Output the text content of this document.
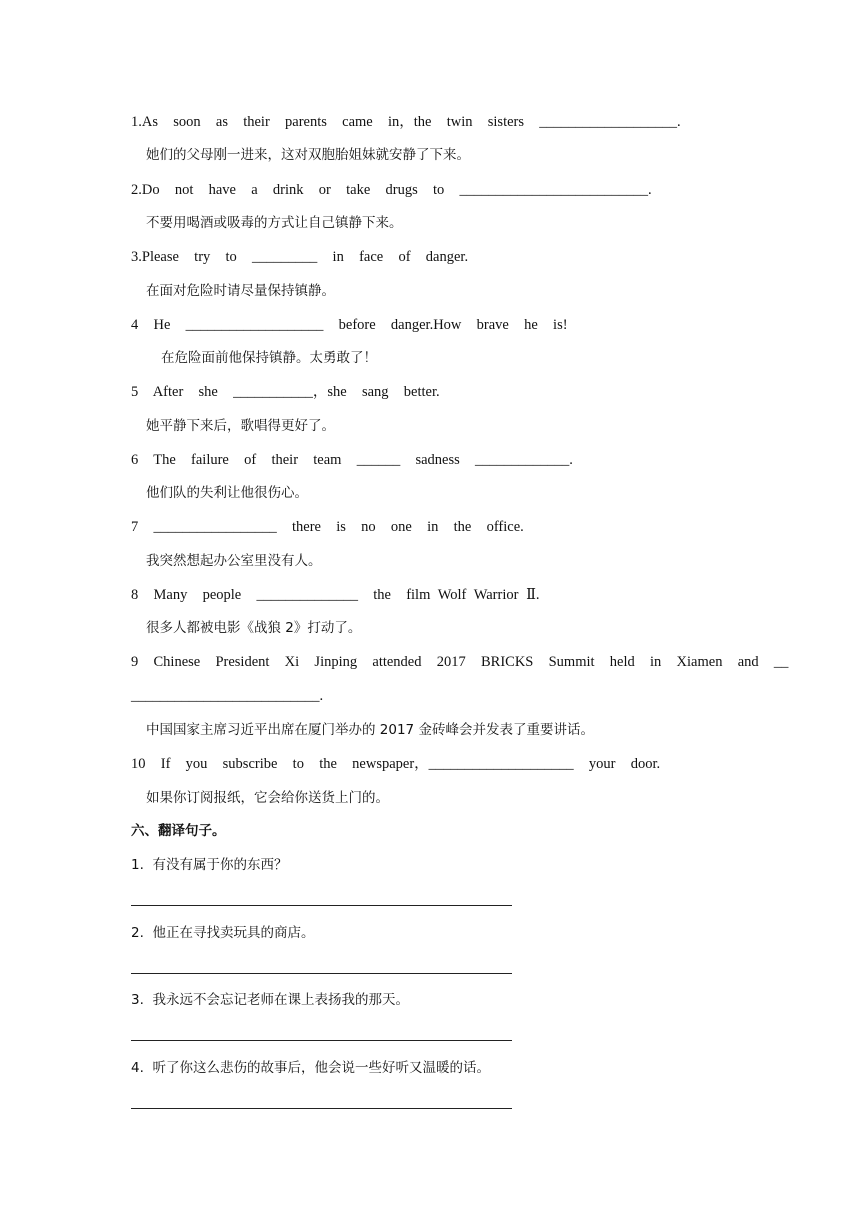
1.As  soon  as  their  parents  came  in，the  twin  sisters  ___________________.
她们的父母刚一进来，这对双胞胎姐妹就安静了下来。
2.Do  not  have  a  drink  or  take  drugs  to  __________________________.
不要用喝酒或吸毒的方式让自己镇静下来。
3.Please  try  to  _________  in  face  of  danger.
在面对危险时请尽量保持镇静。
4  He  ___________________  before  danger.How  brave  he  is!
在危险面前他保持镇静。太勇敢了！
5  After  she  ___________，she  sang  better.
她平静下来后，歌唱得更好了。
6  The  failure  of  their  team  ______  sadness  _____________.
他们队的失利让他很伤心。
7  _________________  there  is  no  one  in  the  office.
我突然想起办公室里没有人。
8  Many  people  ______________  the  film Wolf Warrior Ⅱ.
很多人都被电影《战狼 2》打动了。
9  Chinese  President  Xi  Jinping  attended  2017  BRICKS  Summit  held  in  Xiamen  and  __
__________________________.
中国国家主席习近平出席在厦门举办的 2017 金砖峰会并发表了重要讲话。
10  If  you  subscribe  to  the  newspaper，____________________  your  door.
如果你订阅报纸，它会给你送货上门的。
六、翻译句子。
1.  有没有属于你的东西？
2.  他正在寻找卖玩具的商店。
3.  我永远不会忘记老师在课上表扬我的那天。
4.  听了你这么悲伤的故事后，他会说一些好听又温暖的话。
